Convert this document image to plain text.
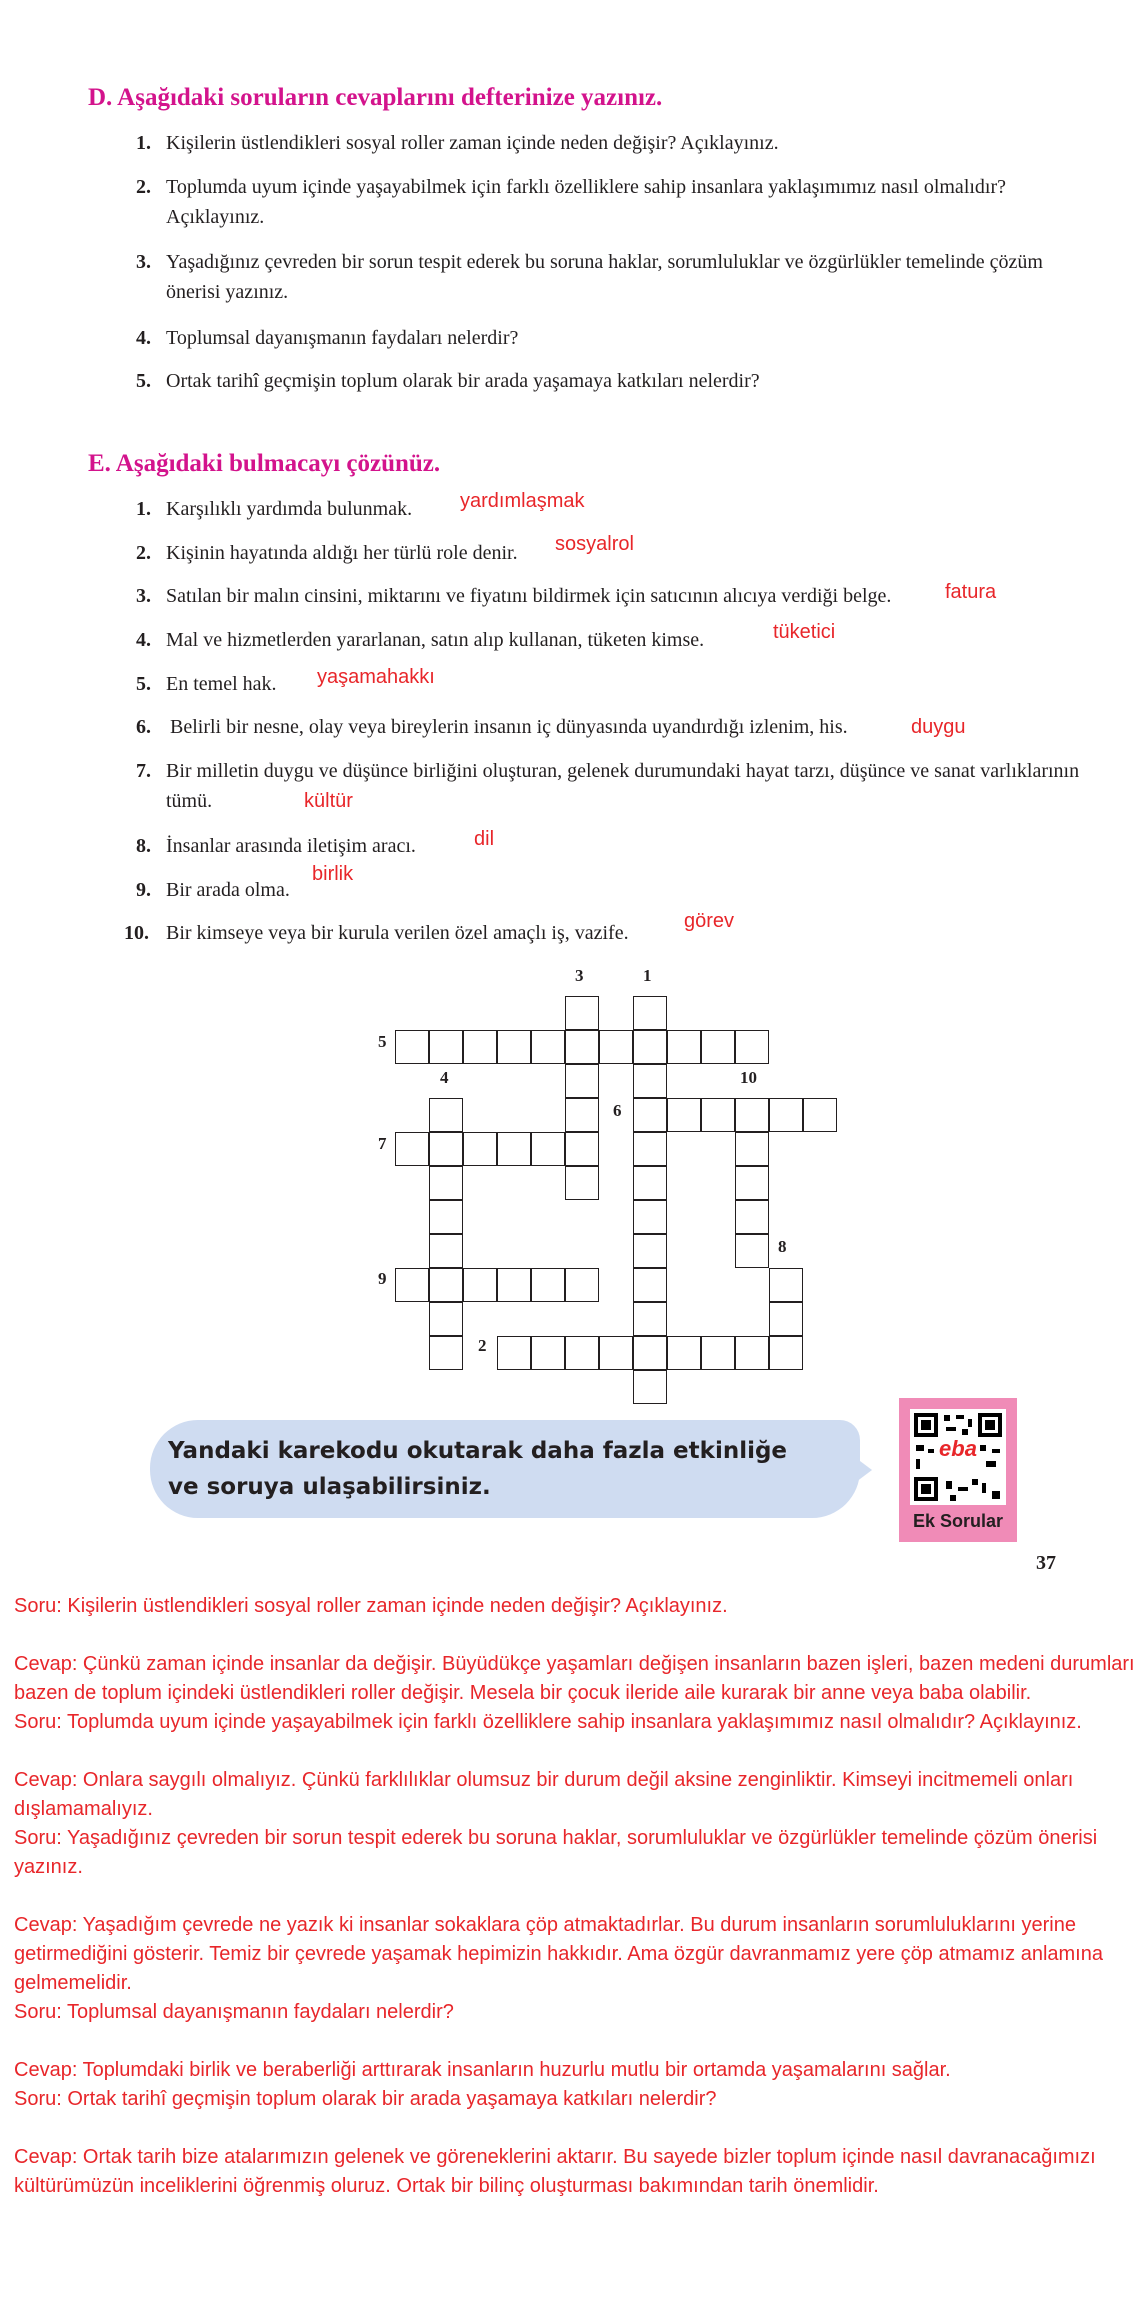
D. Aşağıdaki soruların cevaplarını defterinize yazınız.
1. Kişilerin üstlendikleri sosyal roller zaman içinde neden değişir? Açıklayınız.
2. Toplumda uyum içinde yaşayabilmek için farklı özelliklere sahip insanlara yaklaşımımız nasıl olmalıdır? Açıklayınız.
3. Yaşadığınız çevreden bir sorun tespit ederek bu soruna haklar, sorumluluklar ve özgürlükler temelinde çözüm önerisi yazınız.
4. Toplumsal dayanışmanın faydaları nelerdir?
5. Ortak tarihî geçmişin toplum olarak bir arada yaşamaya katkıları nelerdir?
E. Aşağıdaki bulmacayı çözünüz.
1. Karşılıklı yardımda bulunmak. yardımlaşmak
2. Kişinin hayatında aldığı her türlü role denir. sosyalrol
3. Satılan bir malın cinsini, miktarını ve fiyatını bildirmek için satıcının alıcıya verdiği belge.	fatura
4. Mal ve hizmetlerden yararlanan, satın alıp kullanan, tüketen kimse.	tüketici
5. En temel hak. yaşamahakkı
6. Belirli bir nesne, olay veya bireylerin insanın iç dünyasında uyandırdığı izlenim, his.	duygu
7. Bir milletin duygu ve düşünce birliğini oluşturan, gelenek durumundaki hayat tarzı, düşünce ve sanat varlıklarının tümü.	kültür
8. İnsanlar arasında iletişim aracı.	dil
9. Bir arada olma.
birlik
10. Bir kimseye veya bir kurula verilen özel amaçlı iş, vazife.
görev
3	1
5
4	10
6
7
8
9
2
Yandaki karekodu okutarak daha fazla etkinliğe ve soruya ulaşabilirsiniz.
eba
Ek Sorular
37

Soru: Kişilerin üstlendikleri sosyal roller zaman içinde neden değişir? Açıklayınız.

Cevap: Çünkü zaman içinde insanlar da değişir. Büyüdükçe yaşamları değişen insanların bazen işleri, bazen medeni durumları bazen de toplum içindeki üstlendikleri roller değişir. Mesela bir çocuk ileride aile kurarak bir anne veya baba olabilir.

Soru: Toplumda uyum içinde yaşayabilmek için farklı özelliklere sahip insanlara yaklaşımımız nasıl olmalıdır? Açıklayınız.

Cevap: Onlara saygılı olmalıyız. Çünkü farklılıklar olumsuz bir durum değil aksine zenginliktir. Kimseyi incitmemeli onları dışlamamalıyız.

Soru: Yaşadığınız çevreden bir sorun tespit ederek bu soruna haklar, sorumluluklar ve özgürlükler temelinde çözüm önerisi yazınız.

Cevap: Yaşadığım çevrede ne yazık ki insanlar sokaklara çöp atmaktadırlar. Bu durum insanların sorumluluklarını yerine getirmediğini gösterir. Temiz bir çevrede yaşamak hepimizin hakkıdır. Ama özgür davranmamız yere çöp atmamız anlamına gelmemelidir.

Soru: Toplumsal dayanışmanın faydaları nelerdir?

Cevap: Toplumdaki birlik ve beraberliği arttırarak insanların huzurlu mutlu bir ortamda yaşamalarını sağlar.

Soru: Ortak tarihî geçmişin toplum olarak bir arada yaşamaya katkıları nelerdir?

Cevap: Ortak tarih bize atalarımızın gelenek ve göreneklerini aktarır. Bu sayede bizler toplum içinde nasıl davranacağımızı kültürümüzün inceliklerini öğrenmiş oluruz. Ortak bir bilinç oluşturması bakımından tarih önemlidir.
